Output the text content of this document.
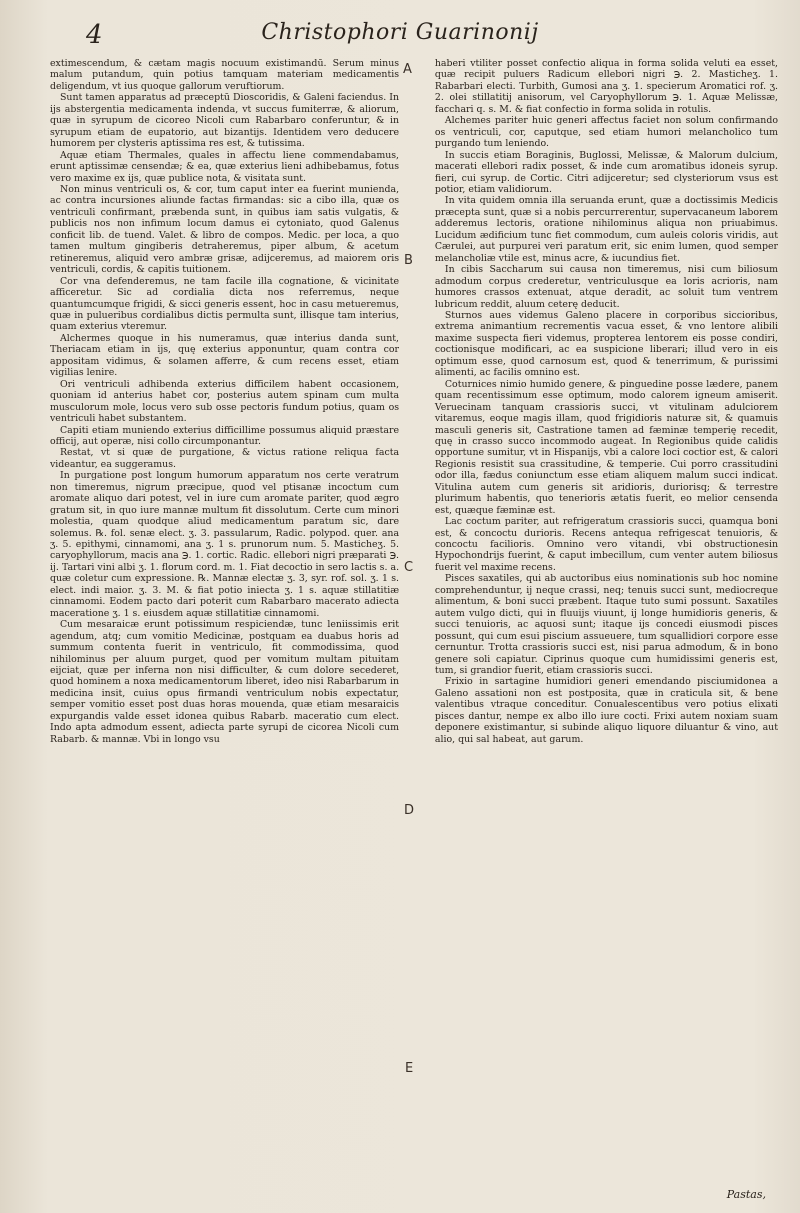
4	Christophori Guarinonij

extimescendum, & cætam magis nocuum existimandū. Serum minus malum putandum, quin potius tamquam materiam medicamentis deligendum, vt ius quoque gallorum veruftiorum.

Sunt tamen apparatus ad præceptū Dioscoridis, & Galeni faciendus. In ijs abstergentia medicamenta indenda, vt succus fumiterræ, & aliorum, quæ in syrupum de cicoreo Nicoli cum Rabarbaro conferuntur, & in syrupum etiam de eupatorio, aut bizantijs. Identidem vero deducere humorem per clysteris aptissima res est, & tutissima.

Aquæ etiam Thermales, quales in affectu liene commendabamus, erunt aptissimæ censendæ; & ea, quæ exterius lieni adhibebamus, fotus vero maxime ex ijs, quæ publice nota, & visitata sunt.

Non minus ventriculi os, & cor, tum caput inter ea fuerint munienda, ac contra incursiones aliunde factas firmandas: sic a cibo illa, quæ os ventriculi confirmant, præbenda sunt, in quibus iam satis vulgatis, & publicis nos non infimum locum damus ei cytoniato, quod Galenus conficit lib. de tuend. Valet. & libro de compos. Medic. per loca, a quo tamen multum gingiberis detraheremus, piper album, & acetum retineremus, aliquid vero ambræ grisæ, adijceremus, ad maiorem oris ventriculi, cordis, & capitis tuitionem.

Cor vna defenderemus, ne tam facile illa cognatione, & vicinitate afficeretur. Sic ad cordialia dicta nos referremus, neque quantumcumque frigidi, & sicci generis essent, hoc in casu metueremus, quæ in pulueribus cordialibus dictis permulta sunt, illisque tam interius, quam exterius vteremur.

Alchermes quoque in his numeramus, quæ interius danda sunt, Theriacam etiam in ijs, quę exterius apponuntur, quam contra cor appositam vidimus, & solamen afferre, & cum recens esset, etiam vigilias lenire.

Ori ventriculi adhibenda exterius difficilem habent occasionem, quoniam id anterius habet cor, posterius autem spinam cum multa musculorum mole, locus vero sub osse pectoris fundum potius, quam os ventriculi habet substantem.

Capiti etiam muniendo exterius difficillime possumus aliquid præstare officij, aut operæ, nisi collo circumponantur.

Restat, vt si quæ de purgatione, & victus ratione reliqua facta videantur, ea suggeramus.

In purgatione post longum humorum apparatum nos certe veratrum non timeremus, nigrum præcipue, quod vel ptisanæ incoctum cum aromate aliquo dari potest, vel in iure cum aromate pariter, quod ægro gratum sit, in quo iure mannæ multum fit dissolutum. Certe cum minori molestia, quam quodque aliud medicamentum paratum sic, dare solemus. ℞. fol. senæ elect. ʒ. 3. passularum, Radic. polypod. quer. ana ʒ. 5. epithymi, cinnamomi, ana ʒ. 1 s. prunorum num. 5. Masticheʒ. 5. caryophyllorum, macis ana ℈. 1. cortic. Radic. ellebori nigri præparati ℈. ij. Tartari vini albi ʒ. 1. florum cord. m. 1. Fiat decoctio in sero lactis s. a. quæ coletur cum expressione. ℞. Mannæ electæ ʒ. 3, syr. rof. sol. ʒ. 1 s. elect. indi maior. ʒ. 3. M. & fiat potio iniecta ʒ. 1 s. aquæ stillatitiæ cinnamomi. Eodem pacto dari poterit cum Rabarbaro macerato adiecta maceratione ʒ. 1 s. eiusdem aquæ stillatitiæ cinnamomi.

Cum mesaraicæ erunt potissimum respiciendæ, tunc leniissimis erit agendum, atq; cum vomitio Medicinæ, postquam ea duabus horis ad summum contenta fuerit in ventriculo, fit commodissima, quod nihilominus per aluum purget, quod per vomitum multam pituitam eijciat, quæ per inferna non nisi difficulter, & cum dolore secederet, quod hominem a noxa medicamentorum liberet, ideo nisi Rabarbarum in medicina insit, cuius opus firmandi ventriculum nobis expectatur, semper vomitio esset post duas horas mouenda, quæ etiam mesaraicis expurgandis valde esset idonea quibus Rabarb. maceratio cum elect. Indo apta admodum essent, adiecta parte syrupi de cicorea Nicoli cum Rabarb. & mannæ. Vbi in longo vsu

A
B
C
D
E

haberi vtiliter posset confectio aliqua in forma solida veluti ea esset, quæ recipit puluers Radicum ellebori nigri ℈. 2. Masticheʒ. 1. Rabarbari electi. Turbith, Gumosi ana ʒ. 1. specierum Aromatici rof. ʒ. 2. olei stillatitij anisorum, vel Caryophyllorum ℈. 1. Aquæ Melissæ, facchari q. s. M. & fiat confectio in forma solida in rotulis.

Alchemes pariter huic generi affectus faciet non solum confirmando os ventriculi, cor, caputque, sed etiam humori melancholico tum purgando tum leniendo.

In succis etiam Boraginis, Buglossi, Melissæ, & Malorum dulcium, macerati ellebori radix posset, & inde cum aromatibus idoneis syrup. fieri, cui syrup. de Cortic. Citri adijceretur; sed clysteriorum vsus est potior, etiam validiorum.

In vita quidem omnia illa seruanda erunt, quæ a doctissimis Medicis præcepta sunt, quæ si a nobis percurrerentur, supervacaneum laborem adderemus lectoris, oratione nihilominus aliqua non priuabimus. Lucidum ædificium tunc fiet commodum, cum auleis coloris viridis, aut Cærulei, aut purpurei veri paratum erit, sic enim lumen, quod semper melancholiæ vtile est, minus acre, & iucundius fiet.

In cibis Saccharum sui causa non timeremus, nisi cum biliosum admodum corpus crederetur, ventriculusque ea loris acrioris, nam humores crassos extenuat, atque deradit, ac soluit tum ventrem lubricum reddit, aluum ceterę deducit.

Sturnos aues videmus Galeno placere in corporibus siccioribus, extrema animantium recrementis vacua esset, & vno lentore alibili maxime suspecta fieri videmus, propterea lentorem eis posse condiri, coctionisque modificari, ac ea suspicione liberari; illud vero in eis optimum esse, quod carnosum est, quod & tenerrimum, & purissimi alimenti, ac facilis omnino est.

Coturnices nimio humido genere, & pinguedine posse lædere, panem quam recentissimum esse optimum, modo calorem igneum amiserit. Veruecinam tanquam crassioris succi, vt vitulinam adulciorem vitaremus, eoque magis illam, quod frigidioris naturæ sit, & quamuis masculi generis sit, Castratione tamen ad fæminæ temperię recedit, quę in crasso succo incommodo augeat. In Regionibus quide calidis opportune sumitur, vt in Hispanijs, vbi a calore loci coctior est, & calori Regionis resistit sua crassitudine, & temperie. Cui porro crassitudini odor illa, fædus coniunctum esse etiam aliquem malum succi indicat. Vitulina autem cum generis sit aridioris, duriorisq; & terrestre plurimum habentis, quo tenerioris ætatis fuerit, eo melior censenda est, quæque fæminæ est.

Lac coctum pariter, aut refrigeratum crassioris succi, quamqua boni est, & concoctu durioris. Recens antequa refrigescat tenuioris, & concoctu facilioris. Omnino vero vitandi, vbi obstructionesin Hypochondrijs fuerint, & caput imbecillum, cum venter autem biliosus fuerit vel maxime recens.

Pisces saxatiles, qui ab auctoribus eius nominationis sub hoc nomine comprehenduntur, ij neque crassi, neq; tenuis succi sunt, mediocreque alimentum, & boni succi præbent. Itaque tuto sumi possunt. Saxatiles autem vulgo dicti, qui in fluuijs viuunt, ij longe humidioris generis, & succi tenuioris, ac aquosi sunt; itaque ijs concedi eiusmodi pisces possunt, qui cum esui piscium assueuere, tum squallidiori corpore esse cernuntur. Trotta crassioris succi est, nisi parua admodum, & in bono genere soli capiatur. Ciprinus quoque cum humidissimi generis est, tum, si grandior fuerit, etiam crassioris succi.

Frixio in sartagine humidiori generi emendando pisciumidonea a Galeno assationi non est postposita, quæ in craticula sit, & bene valentibus vtraque conceditur. Conualescentibus vero potius elixati pisces dantur, nempe ex albo illo iure cocti. Frixi autem noxiam suam deponere existimantur, si subinde aliquo liquore diluantur & vino, aut alio, qui sal habeat, aut garum.

Pastas,
